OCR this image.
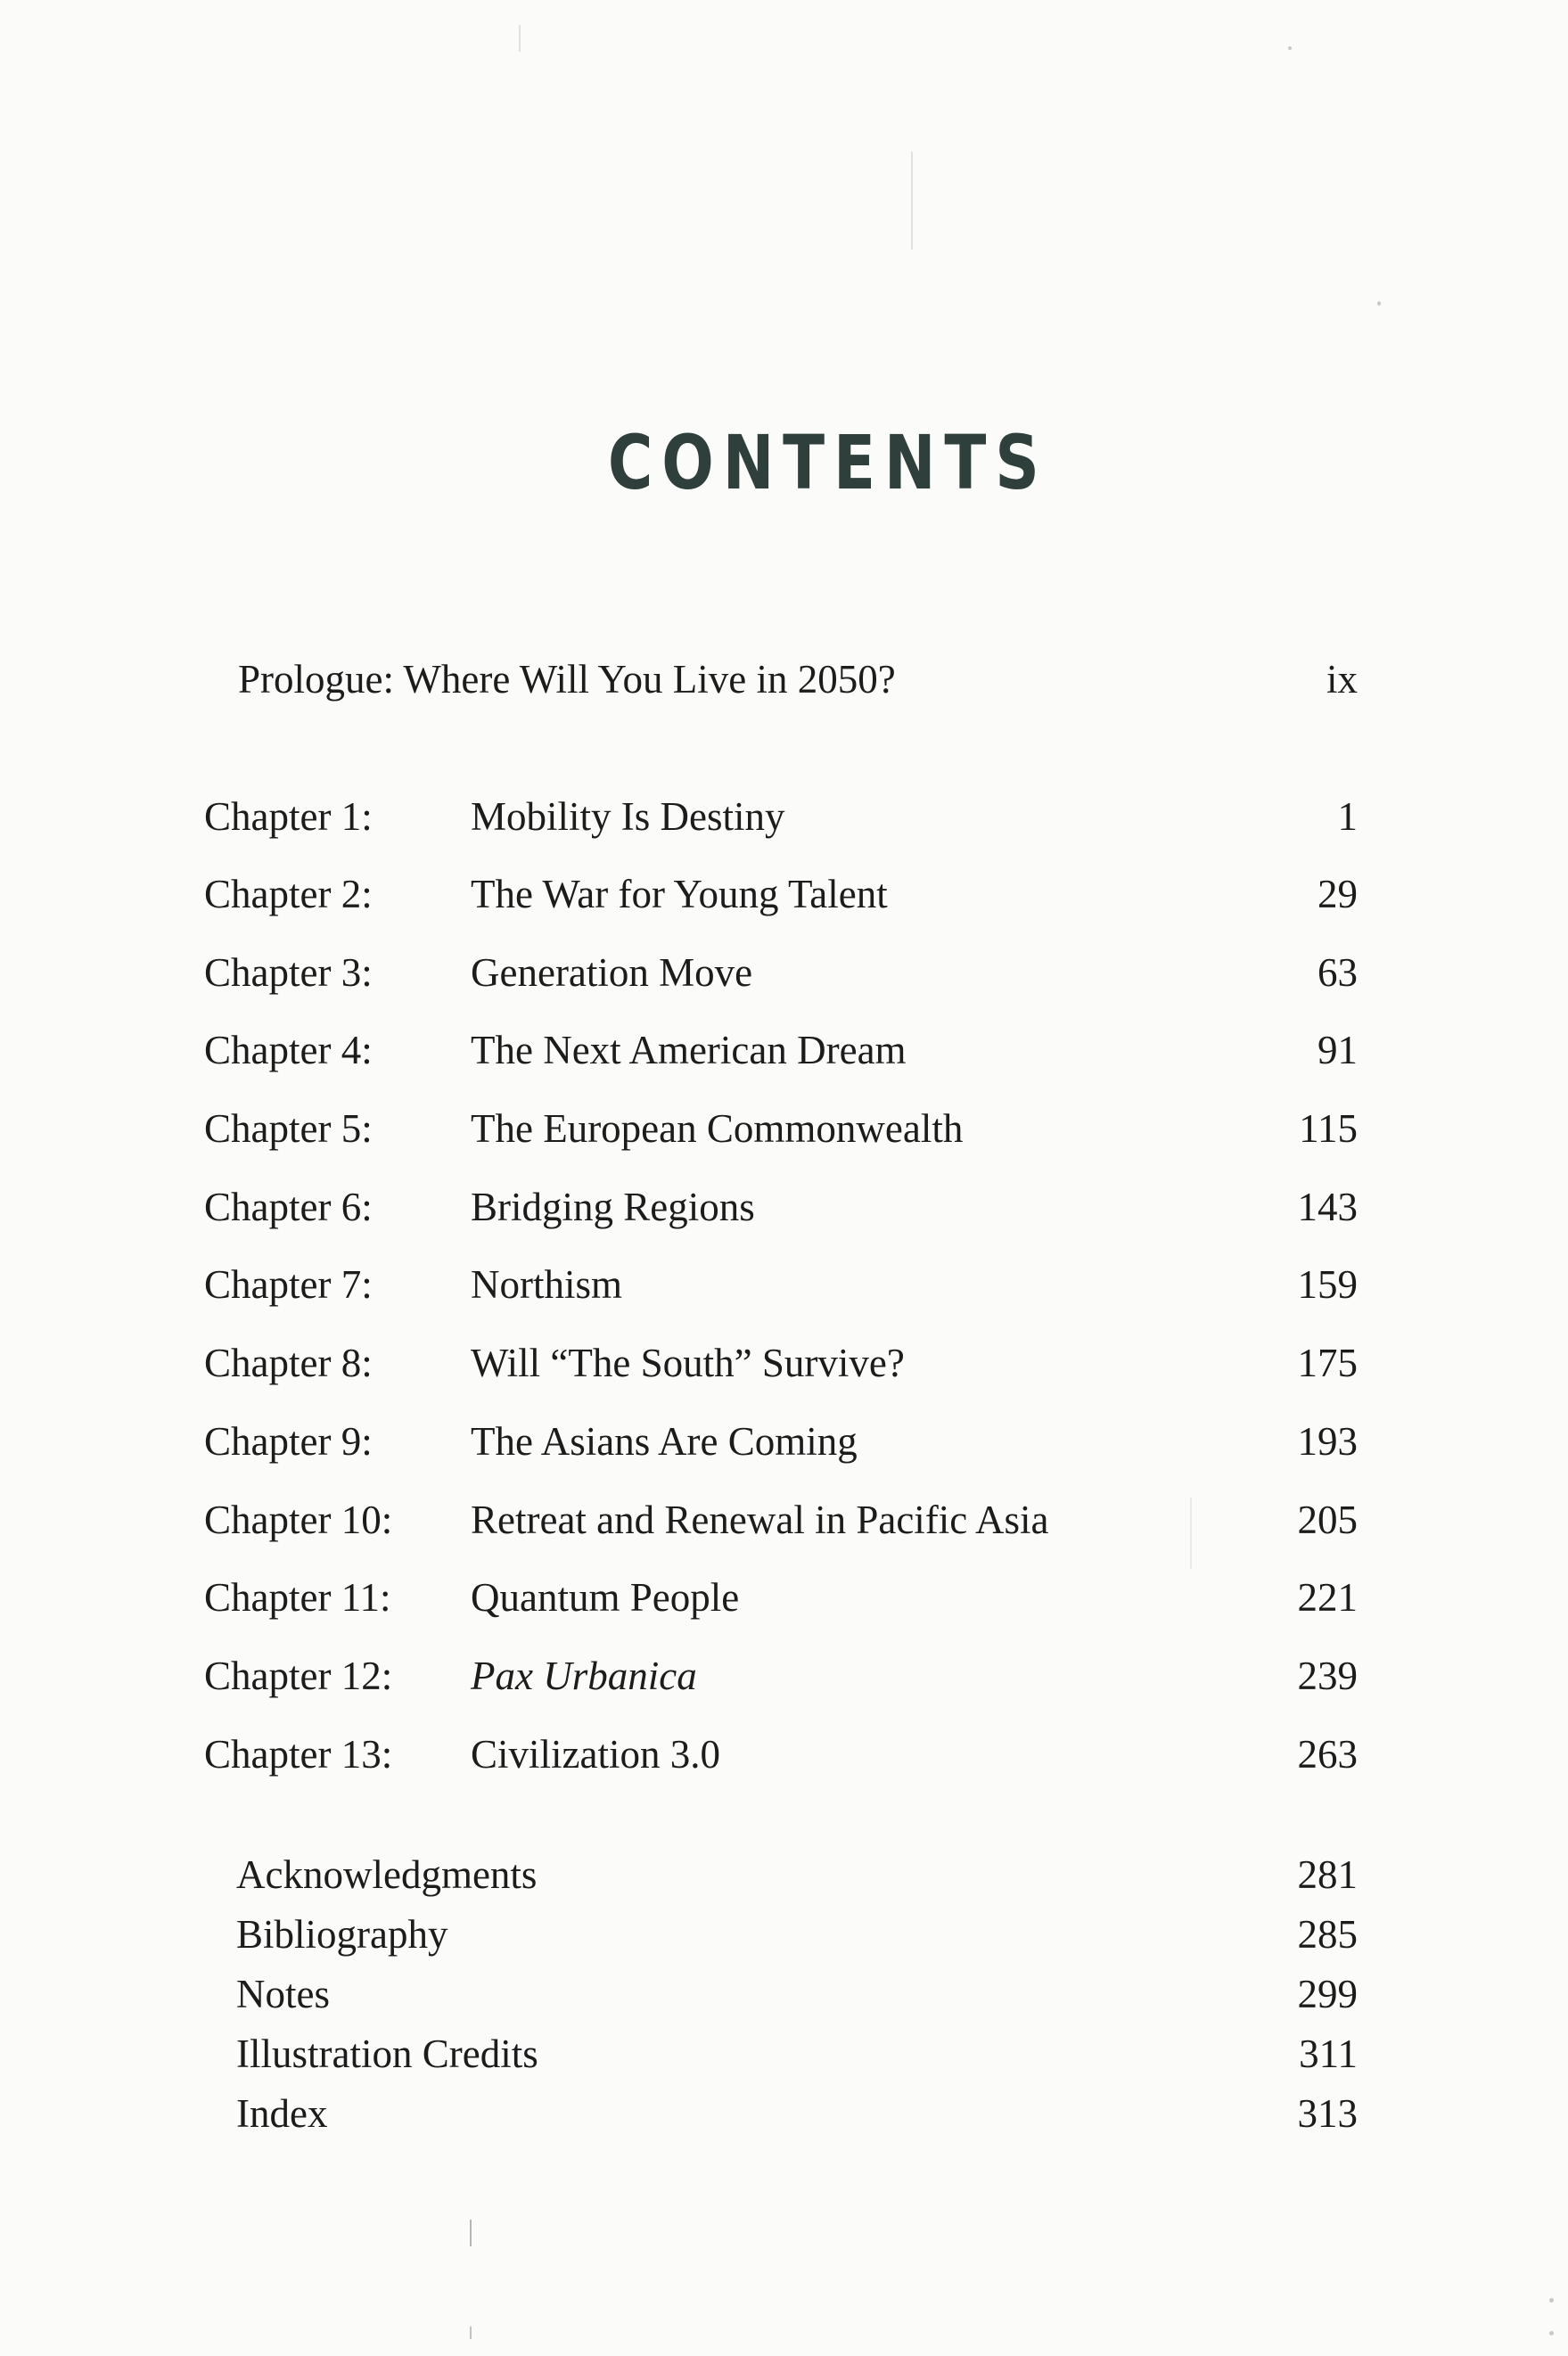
CONTENTS
Prologue: Where Will You Live in 2050?	ix
Chapter 1: Mobility Is Destiny	1
Chapter 2: The War for Young Talent	29
Chapter 3: Generation Move	63
Chapter 4: The Next American Dream	91
Chapter 5: The European Commonwealth	115
Chapter 6: Bridging Regions	143
Chapter 7: Northism	159
Chapter 8: Will “The South” Survive?	175
Chapter 9: The Asians Are Coming	193
Chapter 10: Retreat and Renewal in Pacific Asia	205
Chapter 11: Quantum People	221
Chapter 12: Pax Urbanica	239
Chapter 13: Civilization 3.0	263
Acknowledgments	281
Bibliography	285
Notes	299
Illustration Credits	311
Index	313
